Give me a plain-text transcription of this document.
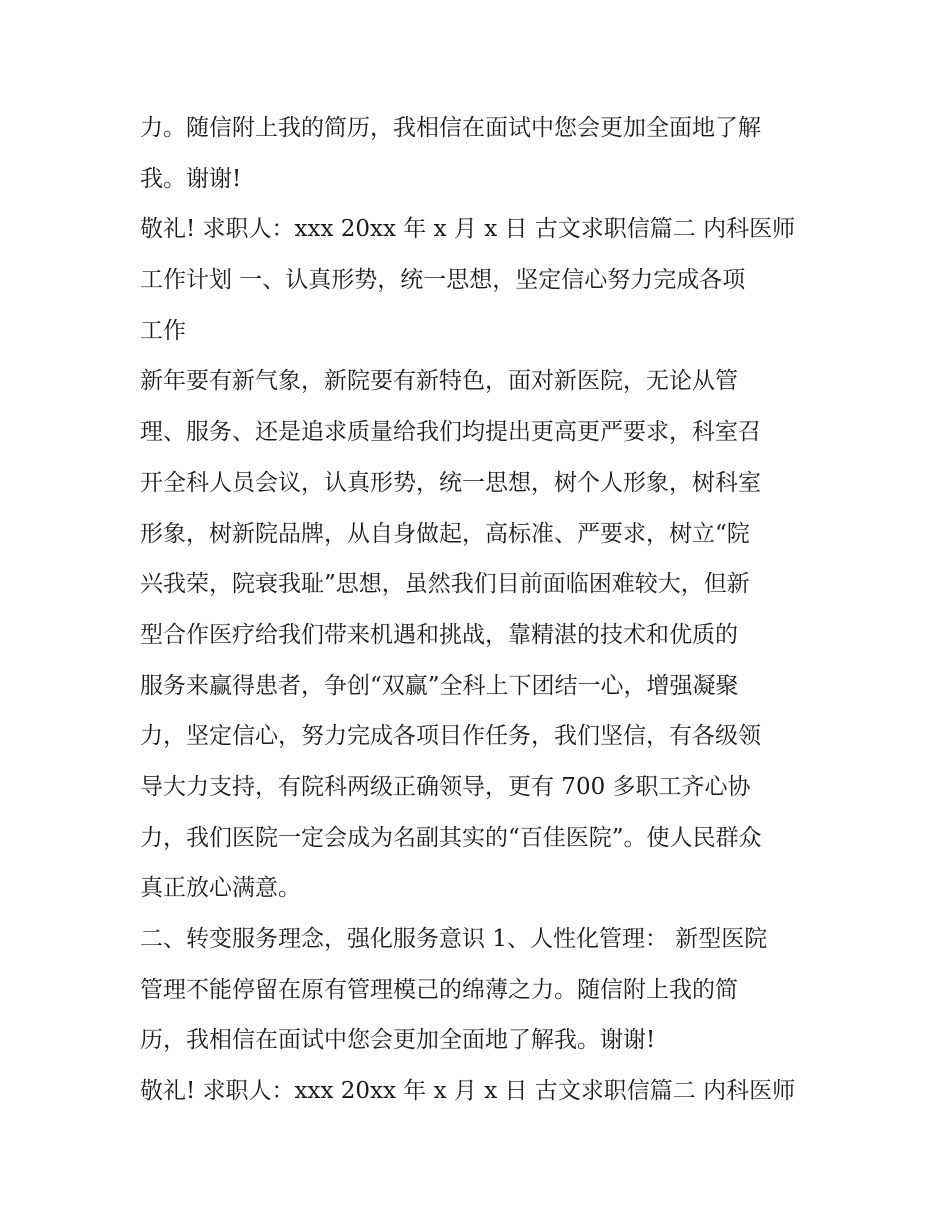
力。随信附上我的简历，我相信在面试中您会更加全面地了解
我。谢谢!
敬礼! 求职人：xxx 20xx 年 x 月 x 日 古文求职信篇二 内科医师
工作计划 一、认真形势，统一思想，坚定信心努力完成各项
工作
新年要有新气象，新院要有新特色，面对新医院，无论从管
理、服务、还是追求质量给我们均提出更高更严要求，科室召
开全科人员会议，认真形势，统一思想，树个人形象，树科室
形象，树新院品牌，从自身做起，高标准、严要求，树立“院
兴我荣，院衰我耻”思想，虽然我们目前面临困难较大，但新
型合作医疗给我们带来机遇和挑战，靠精湛的技术和优质的
服务来赢得患者，争创“双赢”全科上下团结一心，增强凝聚
力，坚定信心，努力完成各项目作任务，我们坚信，有各级领
导大力支持，有院科两级正确领导，更有 700 多职工齐心协
力，我们医院一定会成为名副其实的“百佳医院”。使人民群众
真正放心满意。
二、转变服务理念，强化服务意识 1、人性化管理： 新型医院
管理不能停留在原有管理模己的绵薄之力。随信附上我的简
历，我相信在面试中您会更加全面地了解我。谢谢!
敬礼! 求职人：xxx 20xx 年 x 月 x 日 古文求职信篇二 内科医师
